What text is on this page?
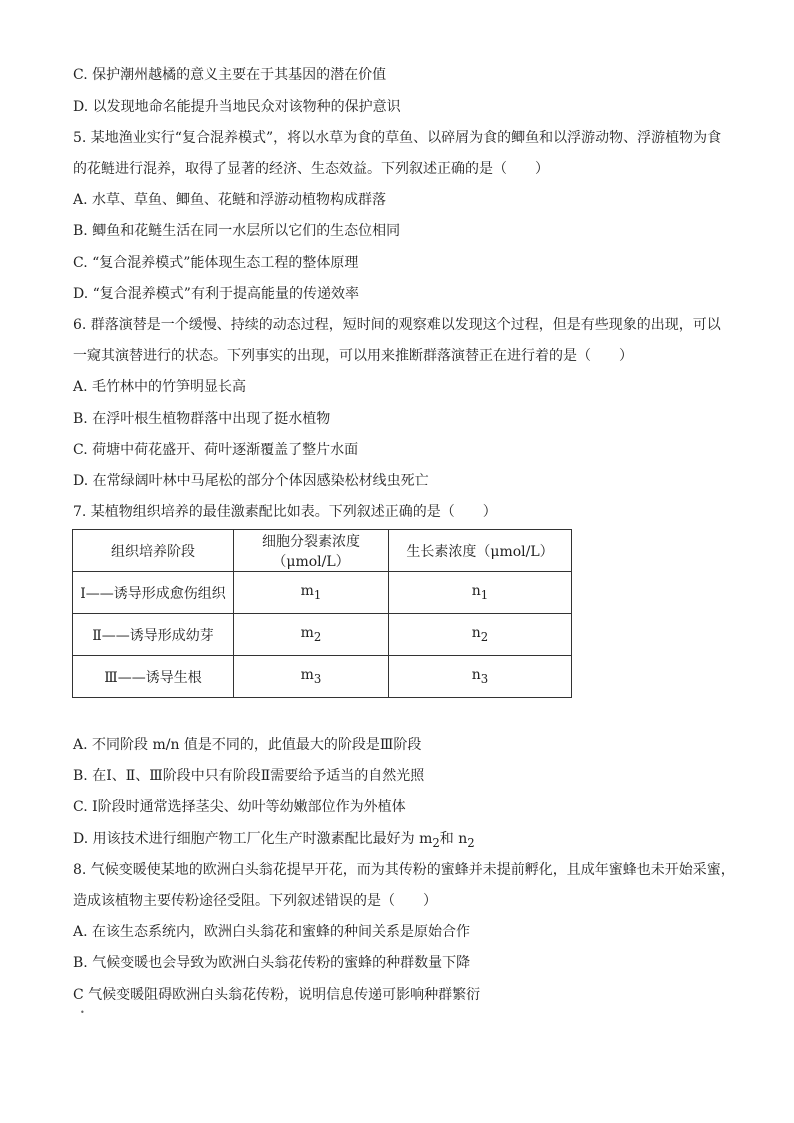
C. 保护潮州越橘的意义主要在于其基因的潜在价值
D. 以发现地命名能提升当地民众对该物种的保护意识
5. 某地渔业实行“复合混养模式”，将以水草为食的草鱼、以碎屑为食的鲫鱼和以浮游动物、浮游植物为食
的花鲢进行混养，取得了显著的经济、生态效益。下列叙述正确的是（　　）
A. 水草、草鱼、鲫鱼、花鲢和浮游动植物构成群落
B. 鲫鱼和花鲢生活在同一水层所以它们的生态位相同
C. “复合混养模式”能体现生态工程的整体原理
D. “复合混养模式”有利于提高能量的传递效率
6. 群落演替是一个缓慢、持续的动态过程，短时间的观察难以发现这个过程，但是有些现象的出现，可以
一窥其演替进行的状态。下列事实的出现，可以用来推断群落演替正在进行着的是（　　）
A. 毛竹林中的竹笋明显长高
B. 在浮叶根生植物群落中出现了挺水植物
C. 荷塘中荷花盛开、荷叶逐渐覆盖了整片水面
D. 在常绿阔叶林中马尾松的部分个体因感染松材线虫死亡
7. 某植物组织培养的最佳激素配比如表。下列叙述正确的是（　　）
组织培养阶段	细胞分裂素浓度（μmol/L）	生长素浓度（μmol/L）
Ⅰ——诱导形成愈伤组织	$m_1$	$n_1$
Ⅱ——诱导形成幼芽	$m_2$	$n_2$
Ⅲ——诱导生根	$m_3$	$n_3$
A. 不同阶段 m/n 值是不同的，此值最大的阶段是Ⅲ阶段
B. 在Ⅰ、Ⅱ、Ⅲ阶段中只有阶段Ⅱ需要给予适当的自然光照
C. Ⅰ阶段时通常选择茎尖、幼叶等幼嫩部位作为外植体
D. 用该技术进行细胞产物工厂化生产时激素配比最好为 $m_2$和 $n_2$
8. 气候变暖使某地的欧洲白头翁花提早开花，而为其传粉的蜜蜂并未提前孵化，且成年蜜蜂也未开始采蜜，
造成该植物主要传粉途径受阻。下列叙述错误的是（　　）
A. 在该生态系统内，欧洲白头翁花和蜜蜂的种间关系是原始合作
B. 气候变暖也会导致为欧洲白头翁花传粉的蜜蜂的种群数量下降
C 气候变暖阻碍欧洲白头翁花传粉，说明信息传递可影响种群繁衍
•
